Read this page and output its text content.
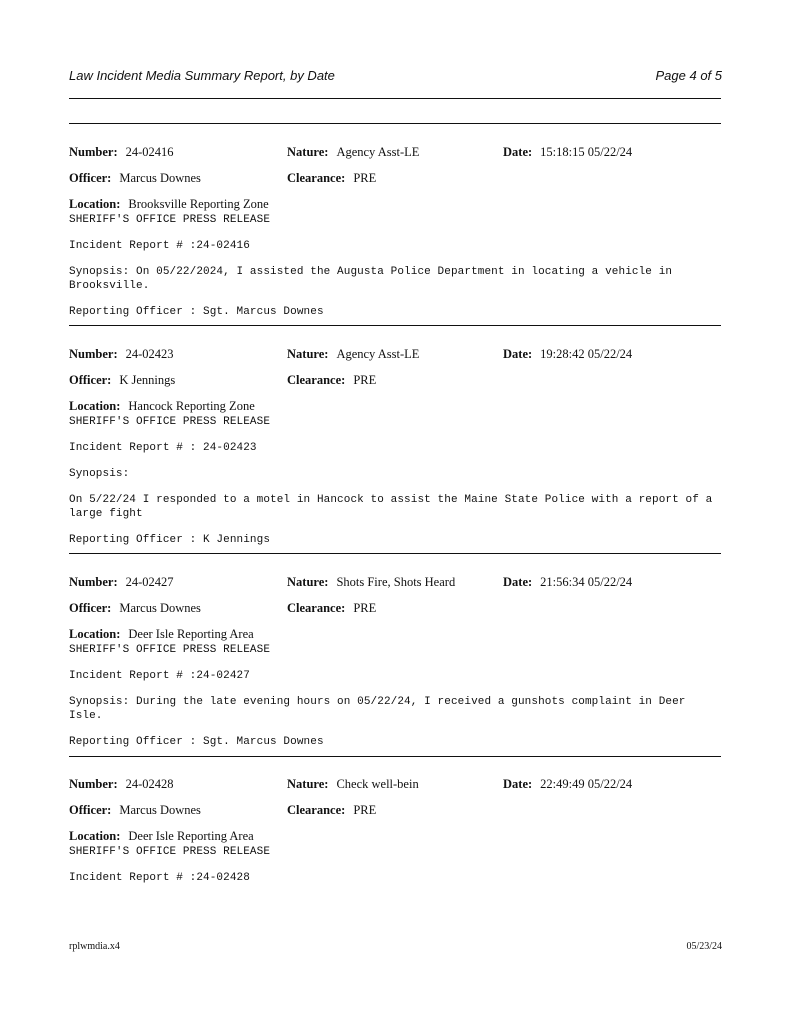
Law Incident Media Summary Report, by Date	Page 4 of 5
Number: 24-02416	Nature: Agency Asst-LE	Date: 15:18:15 05/22/24
Officer: Marcus Downes	Clearance: PRE
Location: Brooksville Reporting Zone
SHERIFF'S OFFICE PRESS RELEASE
Incident Report # :24-02416
Synopsis: On 05/22/2024, I assisted the Augusta Police Department in locating a vehicle in Brooksville.
Reporting Officer : Sgt. Marcus Downes
Number: 24-02423	Nature: Agency Asst-LE	Date: 19:28:42 05/22/24
Officer: K Jennings	Clearance: PRE
Location: Hancock Reporting Zone
SHERIFF'S OFFICE PRESS RELEASE
Incident Report # : 24-02423
Synopsis:
On 5/22/24 I responded to a motel in Hancock to assist the Maine State Police with a report of a large fight
Reporting Officer : K Jennings
Number: 24-02427	Nature: Shots Fire, Shots Heard	Date: 21:56:34 05/22/24
Officer: Marcus Downes	Clearance: PRE
Location: Deer Isle Reporting Area
SHERIFF'S OFFICE PRESS RELEASE
Incident Report # :24-02427
Synopsis: During the late evening hours on 05/22/24, I received a gunshots complaint in Deer Isle.
Reporting Officer : Sgt. Marcus Downes
Number: 24-02428	Nature: Check well-bein	Date: 22:49:49 05/22/24
Officer: Marcus Downes	Clearance: PRE
Location: Deer Isle Reporting Area
SHERIFF'S OFFICE PRESS RELEASE
Incident Report # :24-02428
rplwmdia.x4	05/23/24
